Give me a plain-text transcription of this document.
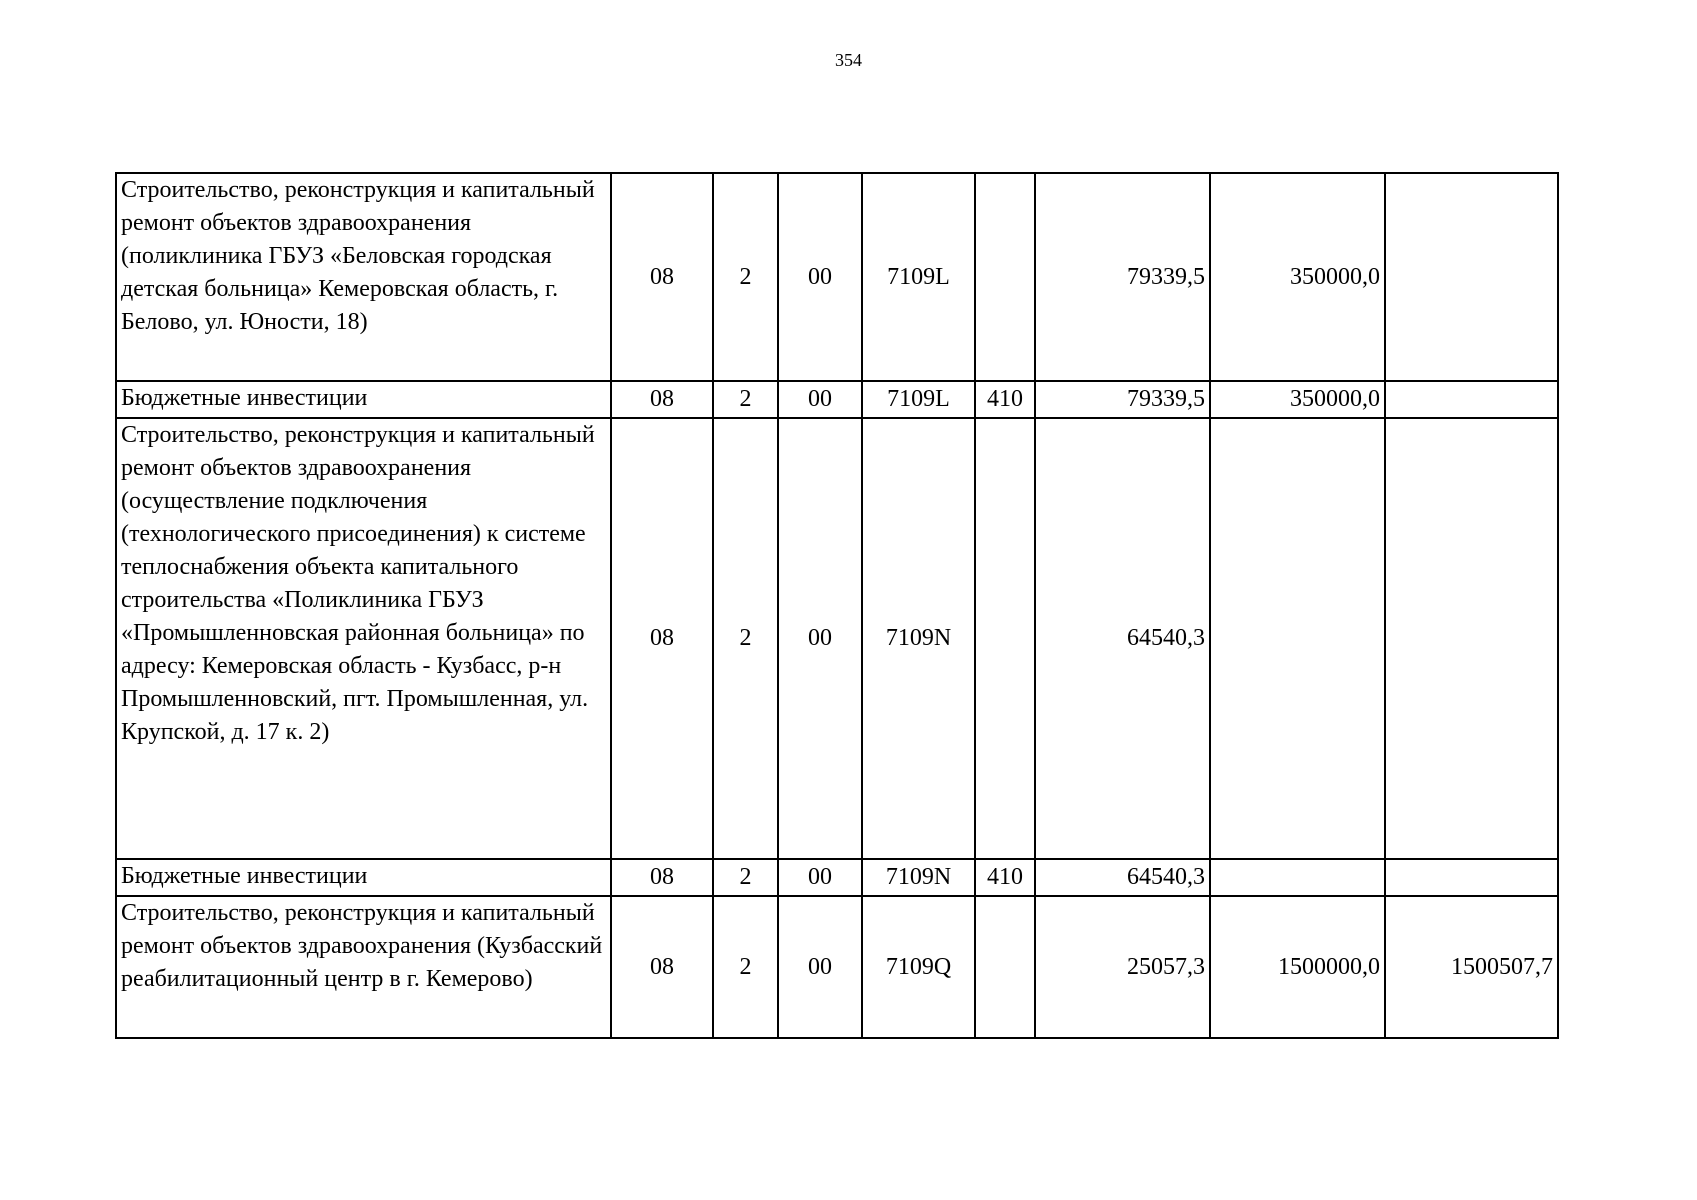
354
Строительство, реконструкция и капитальный ремонт объектов здравоохранения (поликлиника ГБУЗ «Беловская городская детская больница» Кемеровская область, г. Белово, ул. Юности, 18)	08	2	00	7109L		79339,5	350000,0	
Бюджетные инвестиции	08	2	00	7109L	410	79339,5	350000,0	
Строительство, реконструкция и капитальный ремонт объектов здравоохранения (осуществление подключения (технологического присоединения) к системе теплоснабжения объекта капитального строительства «Поликлиника ГБУЗ «Промышленновская районная больница» по адресу: Кемеровская область - Кузбасс, р-н Промышленновский, пгт. Промышленная, ул. Крупской, д. 17 к. 2)	08	2	00	7109N		64540,3		
Бюджетные инвестиции	08	2	00	7109N	410	64540,3		
Строительство, реконструкция и капитальный ремонт объектов здравоохранения (Кузбасский реабилитационный центр в г. Кемерово)	08	2	00	7109Q		25057,3	1500000,0	1500507,7
